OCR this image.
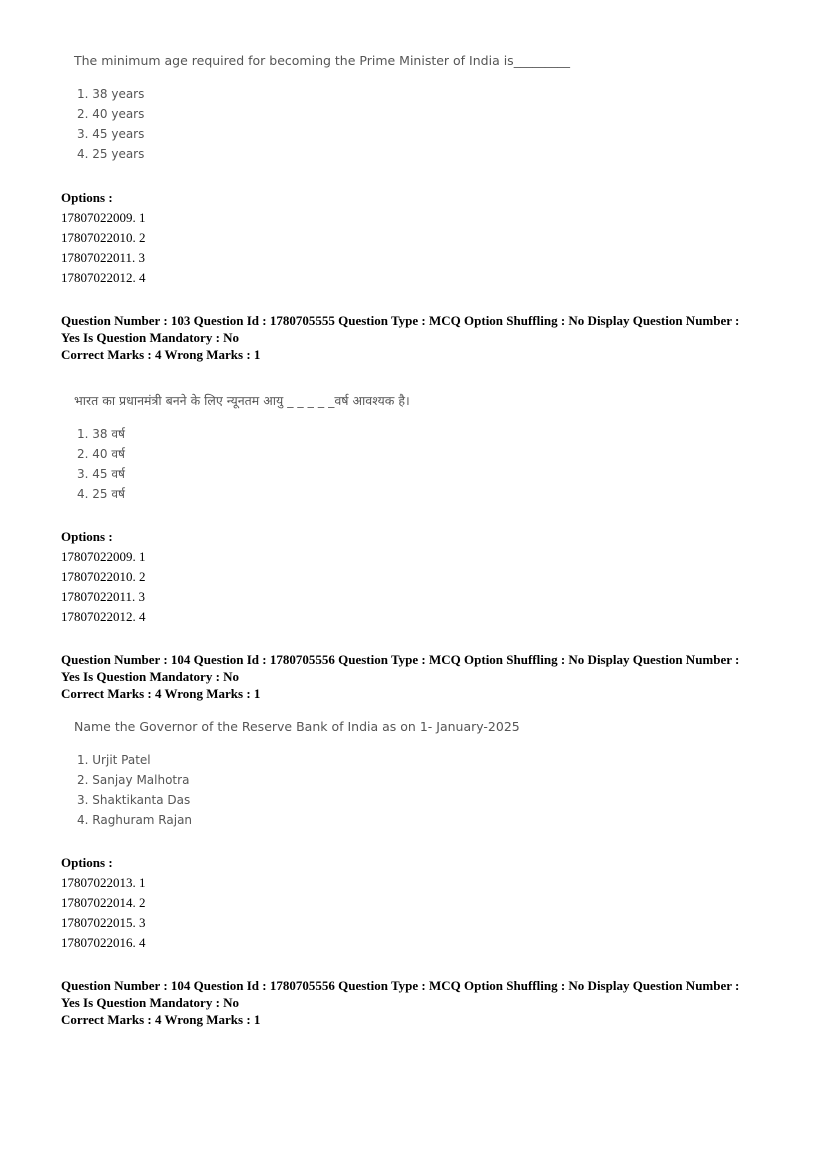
The minimum age required for becoming the Prime Minister of India is_________
1. 38 years
2. 40 years
3. 45 years
4. 25 years

Options :

17807022009. 1
17807022010. 2
17807022011. 3
17807022012. 4
Question Number : 103 Question Id : 1780705555 Question Type : MCQ Option Shuffling : No Display Question Number :
Yes Is Question Mandatory : No
Correct Marks : 4 Wrong Marks : 1
भारत का प्रधानमंत्री बनने के लिए न्यूनतम आयु _ _ _ _ _वर्ष आवश्यक है।
1. 38 वर्ष
2. 40 वर्ष
3. 45 वर्ष
4. 25 वर्ष

Options :

17807022009. 1
17807022010. 2
17807022011. 3
17807022012. 4
Question Number : 104 Question Id : 1780705556 Question Type : MCQ Option Shuffling : No Display Question Number :
Yes Is Question Mandatory : No
Correct Marks : 4 Wrong Marks : 1
Name the Governor of the Reserve Bank of India as on 1- January-2025
1. Urjit Patel
2. Sanjay Malhotra
3. Shaktikanta Das
4. Raghuram Rajan

Options :

17807022013. 1
17807022014. 2
17807022015. 3
17807022016. 4
Question Number : 104 Question Id : 1780705556 Question Type : MCQ Option Shuffling : No Display Question Number :
Yes Is Question Mandatory : No
Correct Marks : 4 Wrong Marks : 1
